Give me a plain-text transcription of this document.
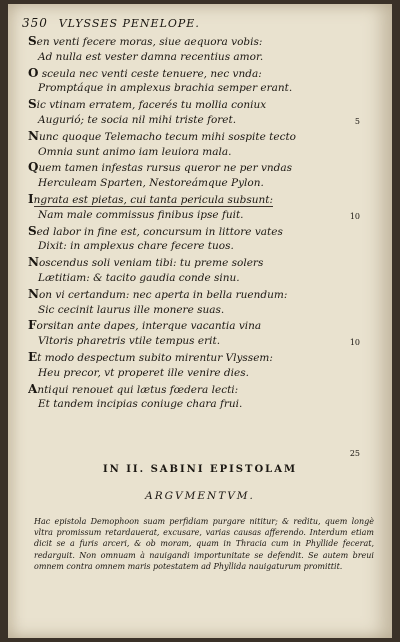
350 VLYSSES PENELOPE.
Sen venti fecere moras, siue aequora vobis:
Ad nulla est vester damna recentius amor.
O sceula nec venti ceste tenuere, nec vnda:
Promptáque in amplexus brachia semper erant.
Sic vtinam erratem, facerés tu mollia coniux
Augurió; te socia nil mihi triste foret.
Nunc quoque Telemacho tecum mihi sospite tecto
Omnia sunt animo iam leuiora mala.
Quem tamen infestas rursus queror ne per vndas
Herculeam Sparten, Nestoreámque Pylon.
Ingrata est pietas, cui tanta pericula subsunt:
Nam male commissus finibus ipse fuit.
Sed labor in fine est, concursum in littore vates
Dixit: in amplexus chare fecere tuos.
Noscendus soli veniam tibi: tu preme solers
Lætitiam: & tacito gaudia conde sinu.
Non vi certandum: nec aperta in bella ruendum:
Sic cecinit laurus ille monere suas.
Forsitan ante dapes, interque vacantia vina
Vltoris pharetris vtile tempus erit.
Et modo despectum subito mirentur Vlyssem:
Heu precor, vt properet ille venire dies.
Antiqui renouet qui lætus fœdera lecti:
Et tandem incipias coniuge chara frui.
5
10
10
25
IN II. SABINI EPISTOLAM
ARGVMENTVM.
Hac epistola Demophoon suam perfidiam purgare nititur; & reditu, quem longè vltra promissum retardauerat, excusare, varias causas afferendo. Interdum etiam dicit se a furis arceri, & ob moram, quam in Thracia cum in Phyllide fecerat, redarguit. Non omnuam à nauigandi importunitate se defendit. Se autem breui omnem contra omnem maris potestatem ad Phyllida nauigaturum promittit.
